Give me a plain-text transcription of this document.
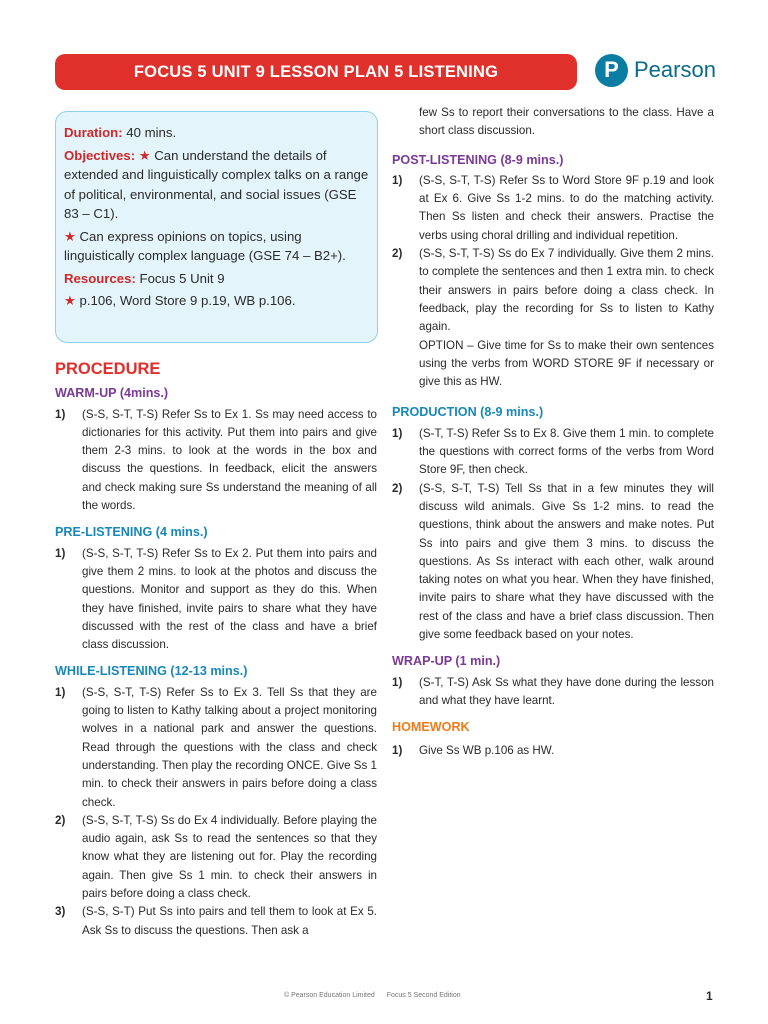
FOCUS 5 UNIT 9 LESSON PLAN 5 LISTENING	P Pearson

Duration: 40 mins.

Objectives: ★ Can understand the details of extended and linguistically complex talks on a range of political, environmental, and social issues (GSE 83 – C1).

★ Can express opinions on topics, using linguistically complex language (GSE 74 – B2+).

Resources: Focus 5 Unit 9

★ p.106, Word Store 9 p.19, WB p.106.

PROCEDURE
WARM-UP (4mins.)
1)	(S-S, S-T, T-S) Refer Ss to Ex 1. Ss may need access to dictionaries for this activity. Put them into pairs and give them 2-3 mins. to look at the words in the box and discuss the questions. In feedback, elicit the answers and check making sure Ss understand the meaning of all the words.
PRE-LISTENING (4 mins.)
1)	(S-S, S-T, T-S) Refer Ss to Ex 2. Put them into pairs and give them 2 mins. to look at the photos and discuss the questions. Monitor and support as they do this. When they have finished, invite pairs to share what they have discussed with the rest of the class and have a brief class discussion.
WHILE-LISTENING (12-13 mins.)
1)	(S-S, S-T, T-S) Refer Ss to Ex 3. Tell Ss that they are going to listen to Kathy talking about a project monitoring wolves in a national park and answer the questions. Read through the questions with the class and check understanding. Then play the recording ONCE. Give Ss 1 min. to check their answers in pairs before doing a class check.
2)	(S-S, S-T, T-S) Ss do Ex 4 individually. Before playing the audio again, ask Ss to read the sentences so that they know what they are listening out for. Play the recording again. Then give Ss 1 min. to check their answers in pairs before doing a class check.
3)	(S-S, S-T) Put Ss into pairs and tell them to look at Ex 5. Ask Ss to discuss the questions. Then ask a
few Ss to report their conversations to the class. Have a short class discussion.
POST-LISTENING (8-9 mins.)
1)	(S-S, S-T, T-S) Refer Ss to Word Store 9F p.19 and look at Ex 6. Give Ss 1-2 mins. to do the matching activity. Then Ss listen and check their answers. Practise the verbs using choral drilling and individual repetition.
2)	(S-S, S-T, T-S) Ss do Ex 7 individually. Give them 2 mins. to complete the sentences and then 1 extra min. to check their answers in pairs before doing a class check. In feedback, play the recording for Ss to listen to Kathy again.
OPTION – Give time for Ss to make their own sentences using the verbs from WORD STORE 9F if necessary or give this as HW.
PRODUCTION (8-9 mins.)
1)	(S-T, T-S) Refer Ss to Ex 8. Give them 1 min. to complete the questions with correct forms of the verbs from Word Store 9F, then check.
2)	(S-S, S-T, T-S) Tell Ss that in a few minutes they will discuss wild animals. Give Ss 1-2 mins. to read the questions, think about the answers and make notes. Put Ss into pairs and give them 3 mins. to discuss the questions. As Ss interact with each other, walk around taking notes on what you hear. When they have finished, invite pairs to share what they have discussed with the rest of the class and have a brief class discussion. Then give some feedback based on your notes.
WRAP-UP (1 min.)
1)	(S-T, T-S) Ask Ss what they have done during the lesson and what they have learnt.
HOMEWORK
1)	Give Ss WB p.106 as HW.
© Pearson Education Limited Focus 5 Second Edition	1
